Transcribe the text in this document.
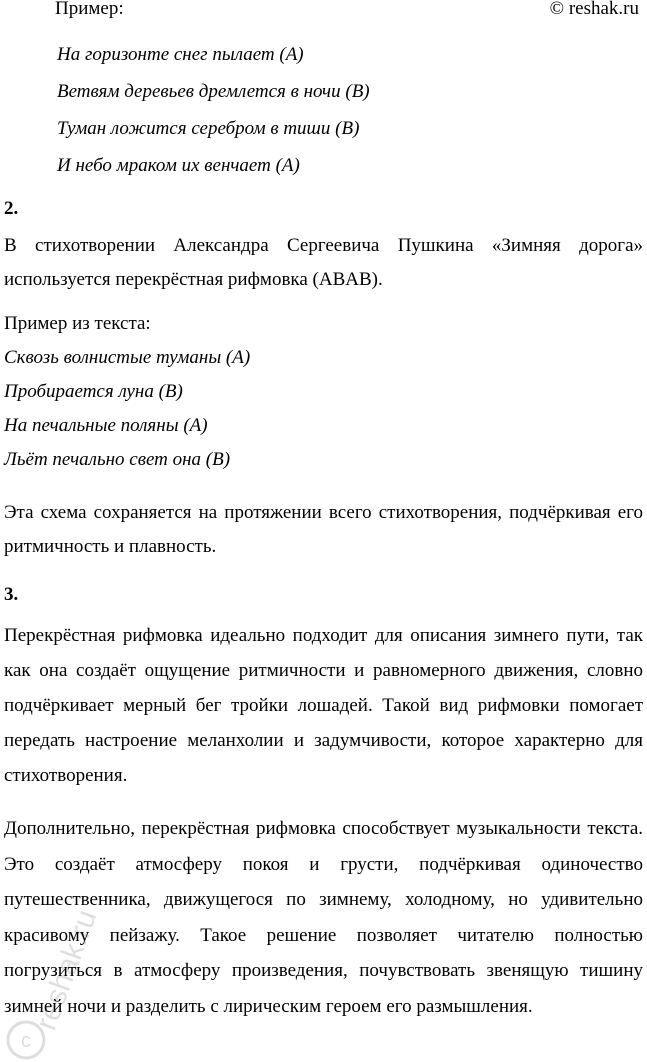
Пример:	© reshak.ru
На горизонте снег пылает (A)
Ветвям деревьев дремлется в ночи (B)
Туман ложится серебром в тиши (B)
И небо мраком их венчает (A)
2.
В стихотворении Александра Сергеевича Пушкина «Зимняя дорога» используется перекрёстная рифмовка (ABAB).
Пример из текста:
Сквозь волнистые туманы (A)
Пробирается луна (B)
На печальные поляны (A)
Льёт печально свет она (B)
Эта схема сохраняется на протяжении всего стихотворения, подчёркивая его ритмичность и плавность.
3.
Перекрёстная рифмовка идеально подходит для описания зимнего пути, так как она создаёт ощущение ритмичности и равномерного движения, словно подчёркивает мерный бег тройки лошадей. Такой вид рифмовки помогает передать настроение меланхолии и задумчивости, которое характерно для стихотворения.
Дополнительно, перекрёстная рифмовка способствует музыкальности текста. Это создаёт атмосферу покоя и грусти, подчёркивая одиночество путешественника, движущегося по зимнему, холодному, но удивительно красивому пейзажу. Такое решение позволяет читателю полностью погрузиться в атмосферу произведения, почувствовать звенящую тишину зимней ночи и разделить с лирическим героем его размышления.
c
reshak.ru
